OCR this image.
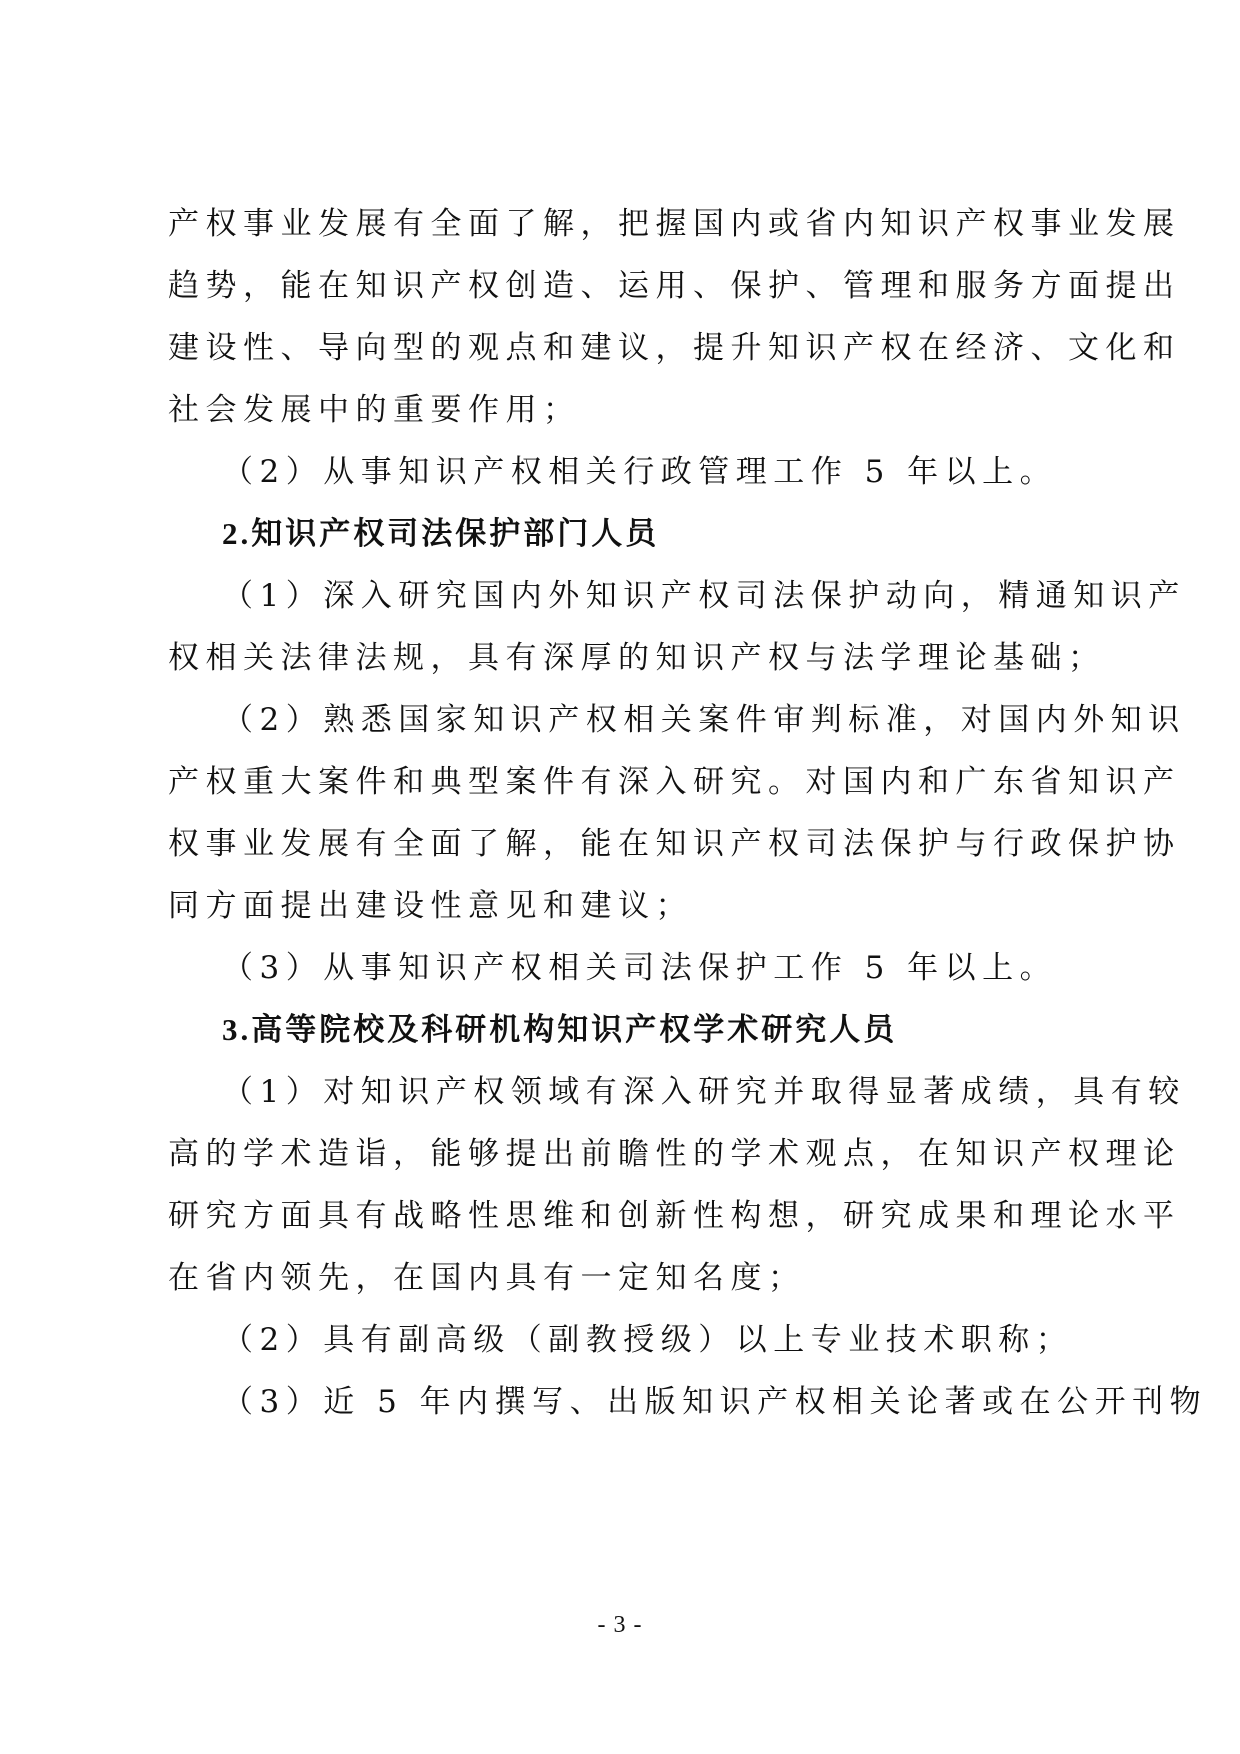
产权事业发展有全面了解，把握国内或省内知识产权事业发展
趋势，能在知识产权创造、运用、保护、管理和服务方面提出
建设性、导向型的观点和建议，提升知识产权在经济、文化和
社会发展中的重要作用；
（2）从事知识产权相关行政管理工作 5 年以上。
2.知识产权司法保护部门人员
（1）深入研究国内外知识产权司法保护动向，精通知识产
权相关法律法规，具有深厚的知识产权与法学理论基础；
（2）熟悉国家知识产权相关案件审判标准，对国内外知识
产权重大案件和典型案件有深入研究。对国内和广东省知识产
权事业发展有全面了解，能在知识产权司法保护与行政保护协
同方面提出建设性意见和建议；
（3）从事知识产权相关司法保护工作 5 年以上。
3.高等院校及科研机构知识产权学术研究人员
（1）对知识产权领域有深入研究并取得显著成绩，具有较
高的学术造诣，能够提出前瞻性的学术观点，在知识产权理论
研究方面具有战略性思维和创新性构想，研究成果和理论水平
在省内领先，在国内具有一定知名度；
（2）具有副高级（副教授级）以上专业技术职称；
（3）近 5 年内撰写、出版知识产权相关论著或在公开刊物
- 3 -
